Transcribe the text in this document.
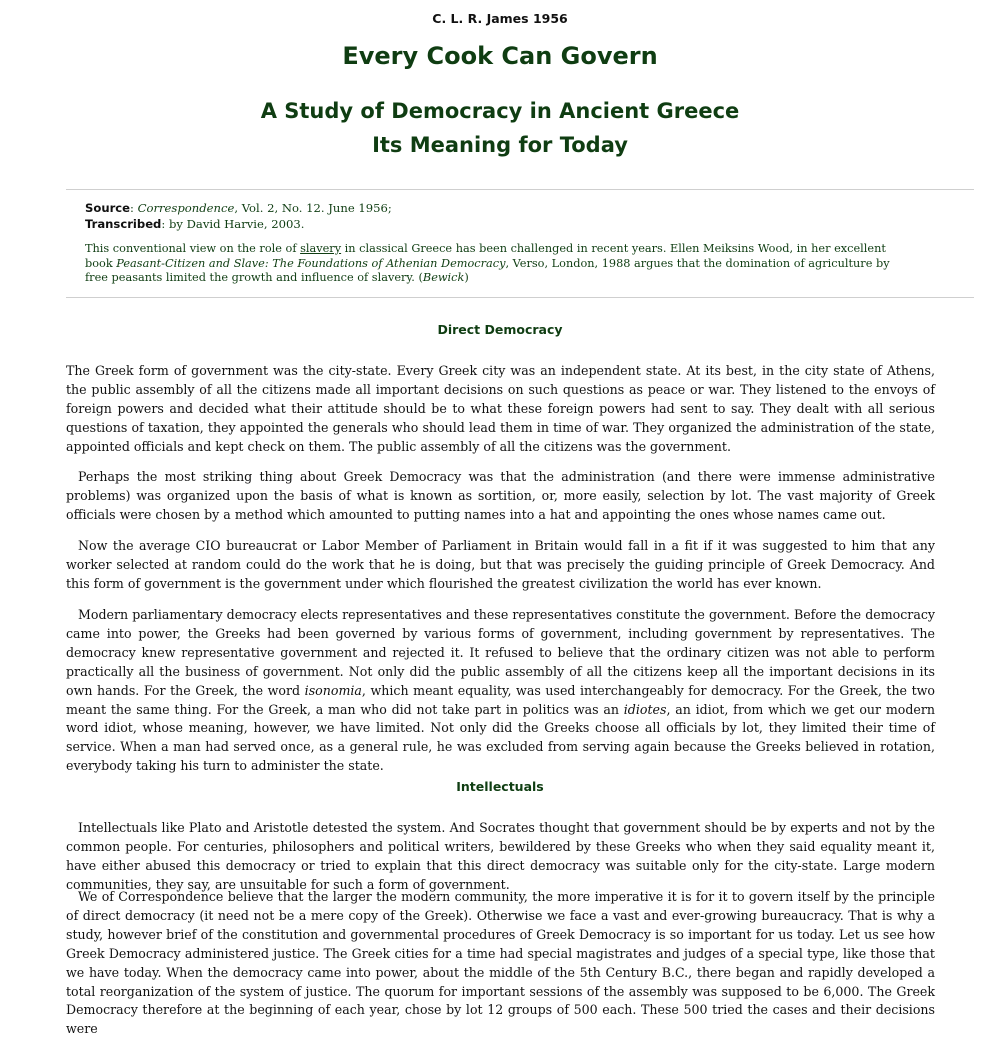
C. L. R. James 1956
Every Cook Can Govern
A Study of Democracy in Ancient Greece
Its Meaning for Today
Source: Correspondence, Vol. 2, No. 12. June 1956;
Transcribed: by David Harvie, 2003.
This conventional view on the role of slavery in classical Greece has been challenged in recent years. Ellen Meiksins Wood, in her excellent book Peasant-Citizen and Slave: The Foundations of Athenian Democracy, Verso, London, 1988 argues that the domination of agriculture by free peasants limited the growth and influence of slavery. (Bewick)
Direct Democracy

The Greek form of government was the city-state. Every Greek city was an independent state. At its best, in the city state of Athens, the public assembly of all the citizens made all important decisions on such questions as peace or war. They listened to the envoys of foreign powers and decided what their attitude should be to what these foreign powers had sent to say. They dealt with all serious questions of taxation, they appointed the generals who should lead them in time of war. They organized the administration of the state, appointed officials and kept check on them. The public assembly of all the citizens was the government.

Perhaps the most striking thing about Greek Democracy was that the administration (and there were immense administrative problems) was organized upon the basis of what is known as sortition, or, more easily, selection by lot. The vast majority of Greek officials were chosen by a method which amounted to putting names into a hat and appointing the ones whose names came out.

Now the average CIO bureaucrat or Labor Member of Parliament in Britain would fall in a fit if it was suggested to him that any worker selected at random could do the work that he is doing, but that was precisely the guiding principle of Greek Democracy. And this form of government is the government under which flourished the greatest civilization the world has ever known.

Modern parliamentary democracy elects representatives and these representatives constitute the government. Before the democracy came into power, the Greeks had been governed by various forms of government, including government by representatives. The democracy knew representative government and rejected it. It refused to believe that the ordinary citizen was not able to perform practically all the business of government. Not only did the public assembly of all the citizens keep all the important decisions in its own hands. For the Greek, the word isonomia, which meant equality, was used interchangeably for democracy. For the Greek, the two meant the same thing. For the Greek, a man who did not take part in politics was an idiotes, an idiot, from which we get our modern word idiot, whose meaning, however, we have limited. Not only did the Greeks choose all officials by lot, they limited their time of service. When a man had served once, as a general rule, he was excluded from serving again because the Greeks believed in rotation, everybody taking his turn to administer the state.

Intellectuals

Intellectuals like Plato and Aristotle detested the system. And Socrates thought that government should be by experts and not by the common people. For centuries, philosophers and political writers, bewildered by these Greeks who when they said equality meant it, have either abused this democracy or tried to explain that this direct democracy was suitable only for the city-state. Large modern communities, they say, are unsuitable for such a form of government.

We of Correspondence believe that the larger the modern community, the more imperative it is for it to govern itself by the principle of direct democracy (it need not be a mere copy of the Greek). Otherwise we face a vast and ever-growing bureaucracy. That is why a study, however brief of the constitution and governmental procedures of Greek Democracy is so important for us today. Let us see how Greek Democracy administered justice. The Greek cities for a time had special magistrates and judges of a special type, like those that we have today. When the democracy came into power, about the middle of the 5th Century B.C., there began and rapidly developed a total reorganization of the system of justice. The quorum for important sessions of the assembly was supposed to be 6,000. The Greek Democracy therefore at the beginning of each year, chose by lot 12 groups of 500 each. These 500 tried the cases and their decisions were
